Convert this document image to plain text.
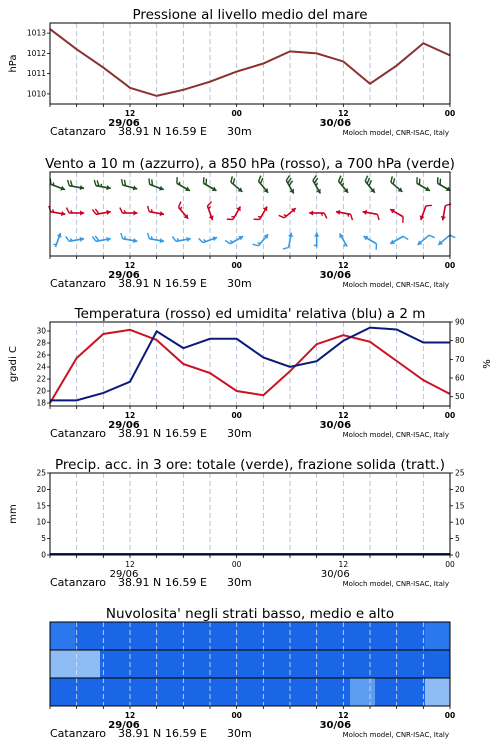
Pressione al livello medio del mare
12	00	12	00
29/06	30/06
Catanzaro 38.91 N 16.59 E 30m	Moloch model, CNR-ISAC, Italy
1010
1011
1012
1013
hPa
Vento a 10 m (azzurro), a 850 hPa (rosso), a 700 hPa (verde)
12	00	12	00
29/06	30/06
Catanzaro 38.91 N 16.59 E 30m	Moloch model, CNR-ISAC, Italy
Temperatura (rosso) ed umidita' relativa (blu) a 2 m
12	00	12	00
29/06	30/06
Catanzaro 38.91 N 16.59 E 30m	Moloch model, CNR-ISAC, Italy
18
20
22
24
26
28
30
50
60
70
80
90
gradi C	%
Precip. acc. in 3 ore: totale (verde), frazione solida (tratt.)
12	00	12	00
29/06	30/06
Catanzaro 38.91 N 16.59 E 30m	Moloch model, CNR-ISAC, Italy
0	0
5	5
10	10
15	15
20	20
25	25
mm
Nuvolosita' negli strati basso, medio e alto
12	00	12	00
29/06	30/06
Catanzaro 38.91 N 16.59 E 30m	Moloch model, CNR-ISAC, Italy
